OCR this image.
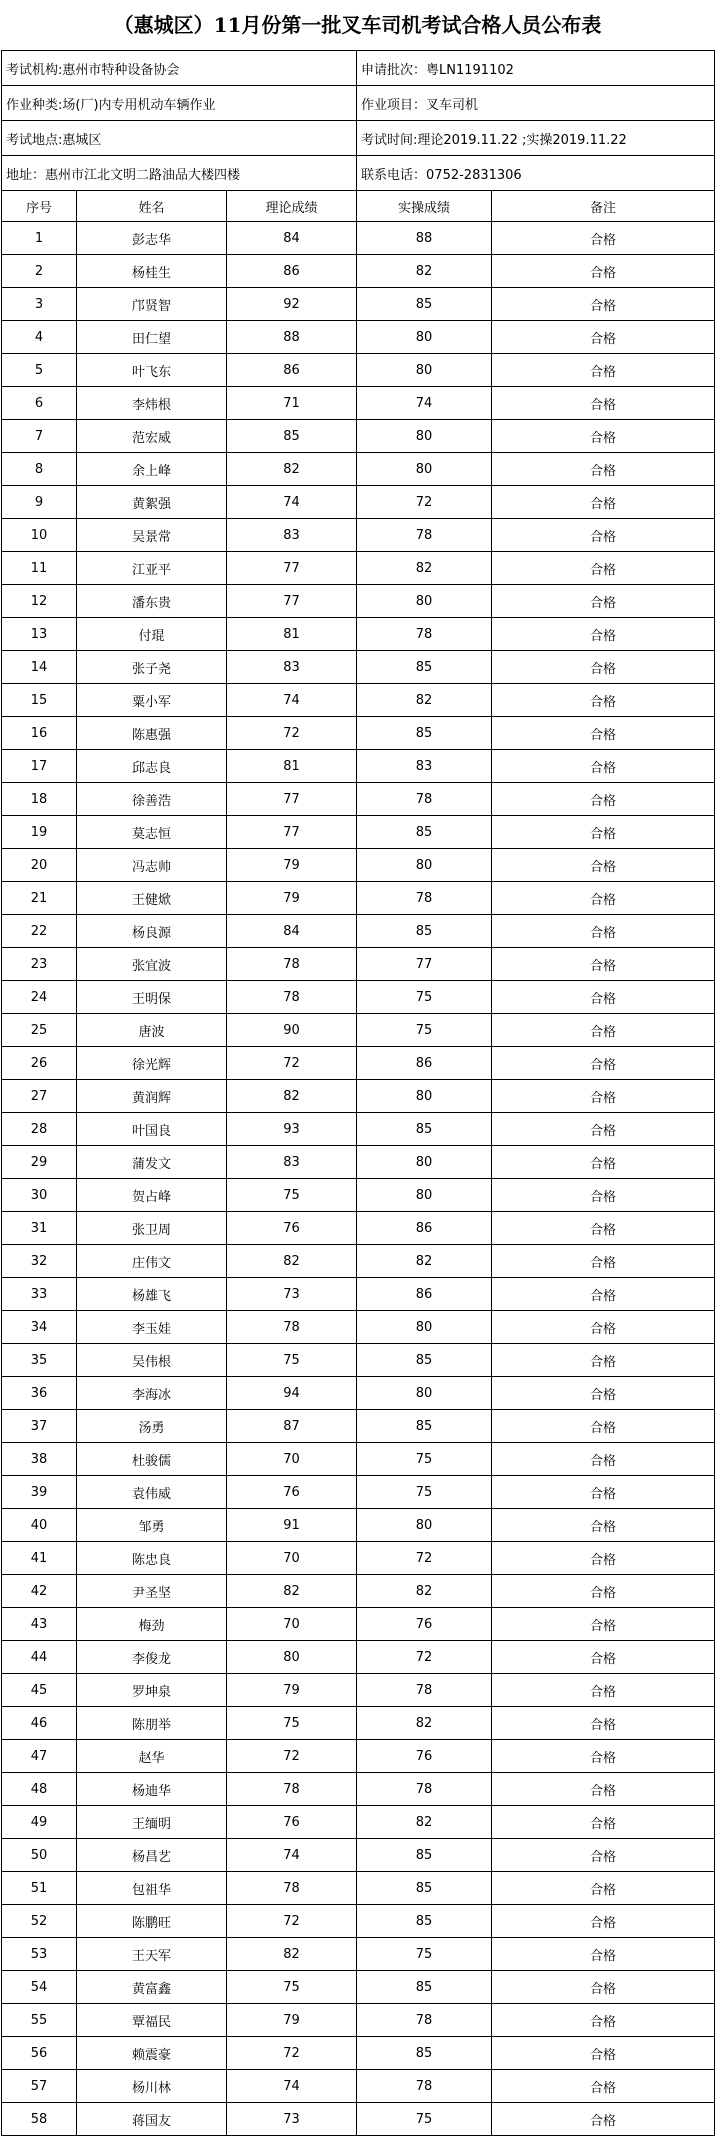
（惠城区）11月份第一批叉车司机考试合格人员公布表
考试机构:惠州市特种设备协会			申请批次：粤LN1191102	
作业种类:场(厂)内专用机动车辆作业			作业项目：叉车司机	
考试地点:惠城区			考试时间:理论2019.11.22 ;实操2019.11.22	
地址：惠州市江北文明二路油品大楼四楼			联系电话：0752-2831306	
序号	姓名	理论成绩	实操成绩	备注
1	彭志华	84	88	合格
2	杨桂生	86	82	合格
3	邝贤智	92	85	合格
4	田仁望	88	80	合格
5	叶飞东	86	80	合格
6	李炜根	71	74	合格
7	范宏威	85	80	合格
8	余上峰	82	80	合格
9	黄絮强	74	72	合格
10	吴景常	83	78	合格
11	江亚平	77	82	合格
12	潘东贵	77	80	合格
13	付琨	81	78	合格
14	张子尧	83	85	合格
15	粟小军	74	82	合格
16	陈惠强	72	85	合格
17	邱志良	81	83	合格
18	徐善浩	77	78	合格
19	莫志恒	77	85	合格
20	冯志帅	79	80	合格
21	王健焮	79	78	合格
22	杨良源	84	85	合格
23	张宜波	78	77	合格
24	王明保	78	75	合格
25	唐波	90	75	合格
26	徐光辉	72	86	合格
27	黄润辉	82	80	合格
28	叶国良	93	85	合格
29	蒲发文	83	80	合格
30	贺占峰	75	80	合格
31	张卫周	76	86	合格
32	庄伟文	82	82	合格
33	杨雄飞	73	86	合格
34	李玉娃	78	80	合格
35	吴伟根	75	85	合格
36	李海冰	94	80	合格
37	汤勇	87	85	合格
38	杜骏儒	70	75	合格
39	袁伟威	76	75	合格
40	邹勇	91	80	合格
41	陈忠良	70	72	合格
42	尹圣坚	82	82	合格
43	梅劲	70	76	合格
44	李俊龙	80	72	合格
45	罗坤泉	79	78	合格
46	陈朋举	75	82	合格
47	赵华	72	76	合格
48	杨迪华	78	78	合格
49	王缅明	76	82	合格
50	杨昌艺	74	85	合格
51	包祖华	78	85	合格
52	陈鹏旺	72	85	合格
53	王天军	82	75	合格
54	黄富鑫	75	85	合格
55	覃福民	79	78	合格
56	赖震豪	72	85	合格
57	杨川林	74	78	合格
58	蒋国友	73	75	合格
